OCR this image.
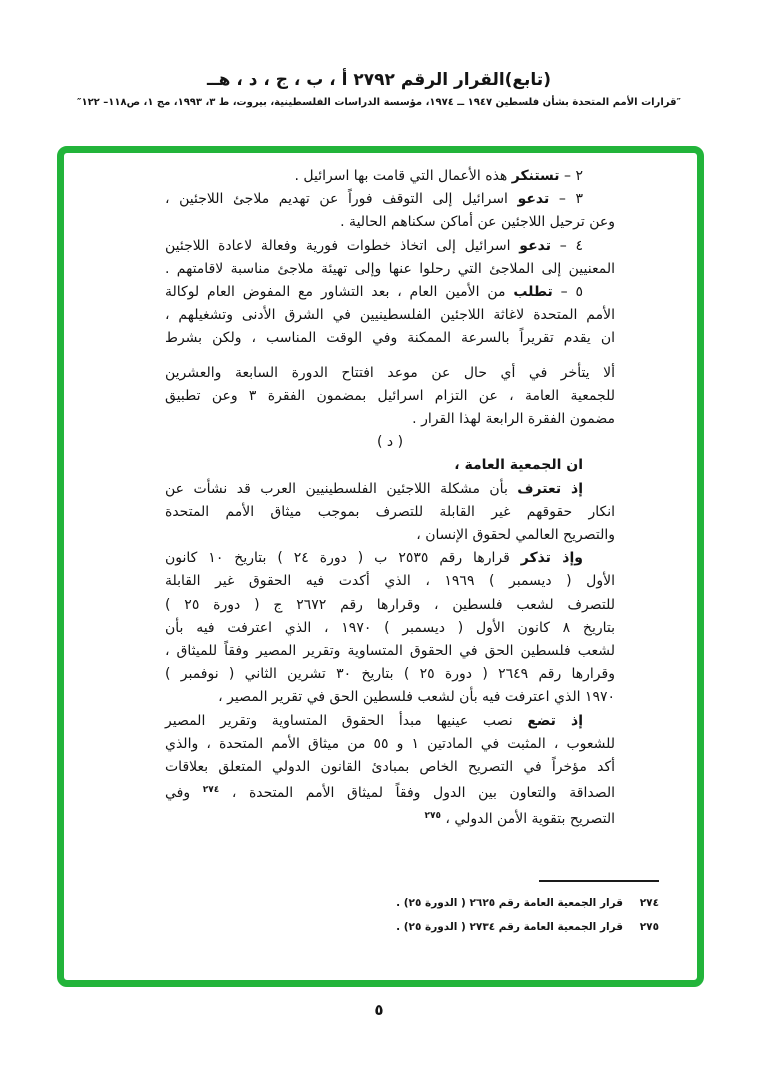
(تابع)القرار الرقم ٢٧٩٢ أ ، ب ، ج ، د ، هــ
″قرارات الأمم المتحدة بشأن فلسطين ١٩٤٧ ــ ١٩٧٤، مؤسسة الدراسات الفلسطينية، بيروت، ط ٣، ١٩٩٣، مج ١، ص١١٨– ١٢٢″
٢ – تستنكر هذه الأعمال التي قامت بها اسرائيل .
٣ – تدعو اسرائيل إلى التوقف فوراً عن تهديم ملاجئ اللاجئين ،
وعن ترحيل اللاجئين عن أماكن سكناهم الحالية .
٤ – تدعو اسرائيل إلى اتخاذ خطوات فورية وفعالة لاعادة اللاجئين
المعنيين إلى الملاجئ التي رحلوا عنها وإلى تهيئة ملاجئ مناسبة لاقامتهم .
٥ – تطلب من الأمين العام ، بعد التشاور مع المفوض العام لوكالة
الأمم المتحدة لاغاثة اللاجئين الفلسطينيين في الشرق الأدنى وتشغيلهم ،
ان يقدم تقريراً بالسرعة الممكنة وفي الوقت المناسب ، ولكن بشرط
ألا يتأخر في أي حال عن موعد افتتاح الدورة السابعة والعشرين
للجمعية العامة ، عن التزام اسرائيل بمضمون الفقرة ٣ وعن تطبيق
مضمون الفقرة الرابعة لهذا القرار .
( د )
ان الجمعية العامة ،
إذ تعترف بأن مشكلة اللاجئين الفلسطينيين العرب قد نشأت عن
انكار حقوقهم غير القابلة للتصرف بموجب ميثاق الأمم المتحدة
والتصريح العالمي لحقوق الإنسان ،
وإذ تذكر قرارها رقم ٢٥٣٥ ب ( دورة ٢٤ ) بتاريخ ١٠ كانون
الأول ( ديسمبر ) ١٩٦٩ ، الذي أكدت فيه الحقوق غير القابلة
للتصرف لشعب فلسطين ، وقرارها رقم ٢٦٧٢ ج ( دورة ٢٥ )
بتاريخ ٨ كانون الأول ( ديسمبر ) ١٩٧٠ ، الذي اعترفت فيه بأن
لشعب فلسطين الحق في الحقوق المتساوية وتقرير المصير وفقاً للميثاق ،
وقرارها رقم ٢٦٤٩ ( دورة ٢٥ ) بتاريخ ٣٠ تشرين الثاني ( نوفمبر )
١٩٧٠ الذي اعترفت فيه بأن لشعب فلسطين الحق في تقرير المصير ،
إذ تضع نصب عينيها مبدأ الحقوق المتساوية وتقرير المصير
للشعوب ، المثبت في المادتين ١ و ٥٥ من ميثاق الأمم المتحدة ، والذي
أكد مؤخراً في التصريح الخاص بمبادئ القانون الدولي المتعلق بعلاقات
الصداقة والتعاون بين الدول وفقاً لميثاق الأمم المتحدة ، $^{٢٧٤}$ وفي
التصريح بتقوية الأمن الدولي ، $^{٢٧٥}$
٢٧٤
قرار الجمعية العامة رقم ٢٦٢٥ ( الدورة ٢٥) .
٢٧٥
قرار الجمعية العامة رقم ٢٧٣٤ ( الدورة ٢٥) .
٥
